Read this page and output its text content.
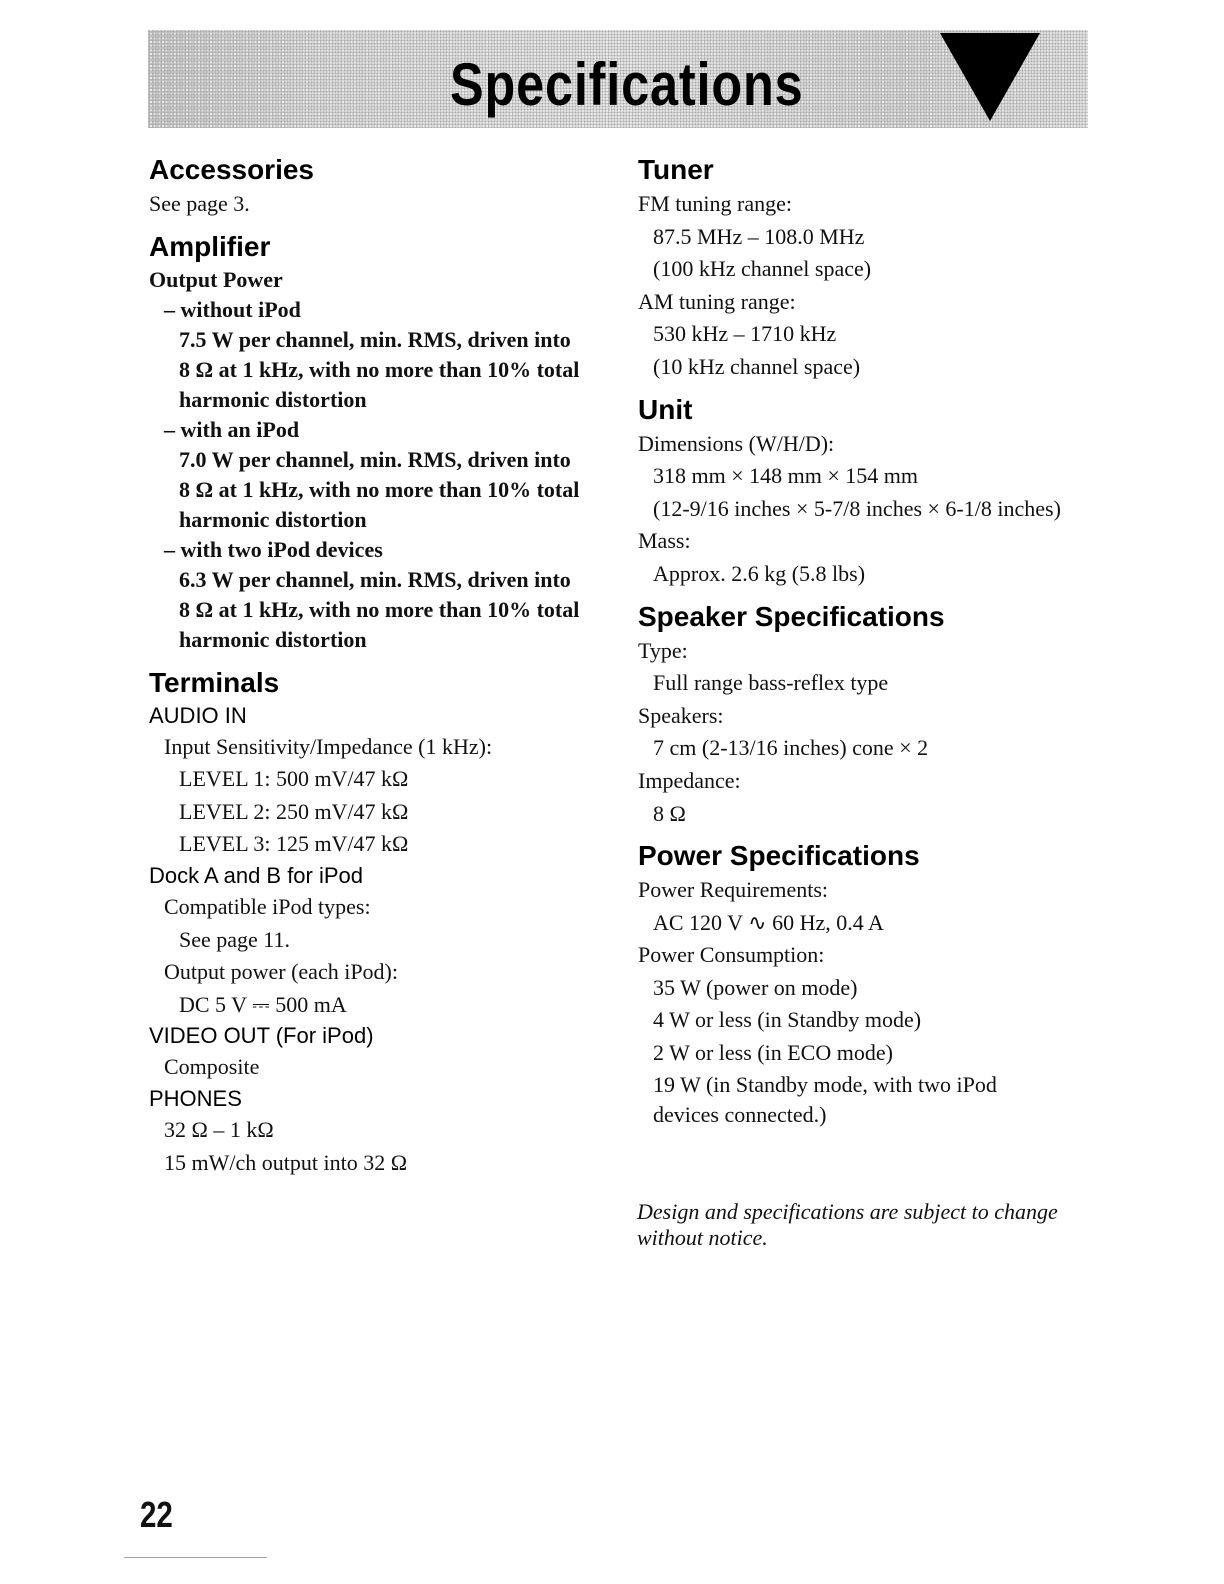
Specifications
Accessories

See page 3.

Amplifier

Output Power

– without iPod

7.5 W per channel, min. RMS, driven into

8 Ω at 1 kHz, with no more than 10% total

harmonic distortion

– with an iPod

7.0 W per channel, min. RMS, driven into

8 Ω at 1 kHz, with no more than 10% total

harmonic distortion

– with two iPod devices

6.3 W per channel, min. RMS, driven into

8 Ω at 1 kHz, with no more than 10% total

harmonic distortion

Terminals

AUDIO IN

Input Sensitivity/Impedance (1 kHz):

LEVEL 1: 500 mV/47 kΩ

LEVEL 2: 250 mV/47 kΩ

LEVEL 3: 125 mV/47 kΩ

Dock A and B for iPod

Compatible iPod types:

See page 11.

Output power (each iPod):

DC 5 V ⎓ 500 mA

VIDEO OUT (For iPod)

Composite

PHONES

32 Ω – 1 kΩ

15 mW/ch output into 32 Ω

Tuner

FM tuning range:

87.5 MHz – 108.0 MHz

(100 kHz channel space)

AM tuning range:

530 kHz – 1710 kHz

(10 kHz channel space)

Unit

Dimensions (W/H/D):

318 mm × 148 mm × 154 mm

(12-9/16 inches × 5-7/8 inches × 6-1/8 inches)

Mass:

Approx. 2.6 kg (5.8 lbs)

Speaker Specifications

Type:

Full range bass-reflex type

Speakers:

7 cm (2-13/16 inches) cone × 2

Impedance:

8 Ω

Power Specifications

Power Requirements:

AC 120 V ∿ 60 Hz, 0.4 A

Power Consumption:

35 W (power on mode)

4 W or less (in Standby mode)

2 W or less (in ECO mode)

19 W (in Standby mode, with two iPod

devices connected.)

Design and specifications are subject to change

without notice.

22
